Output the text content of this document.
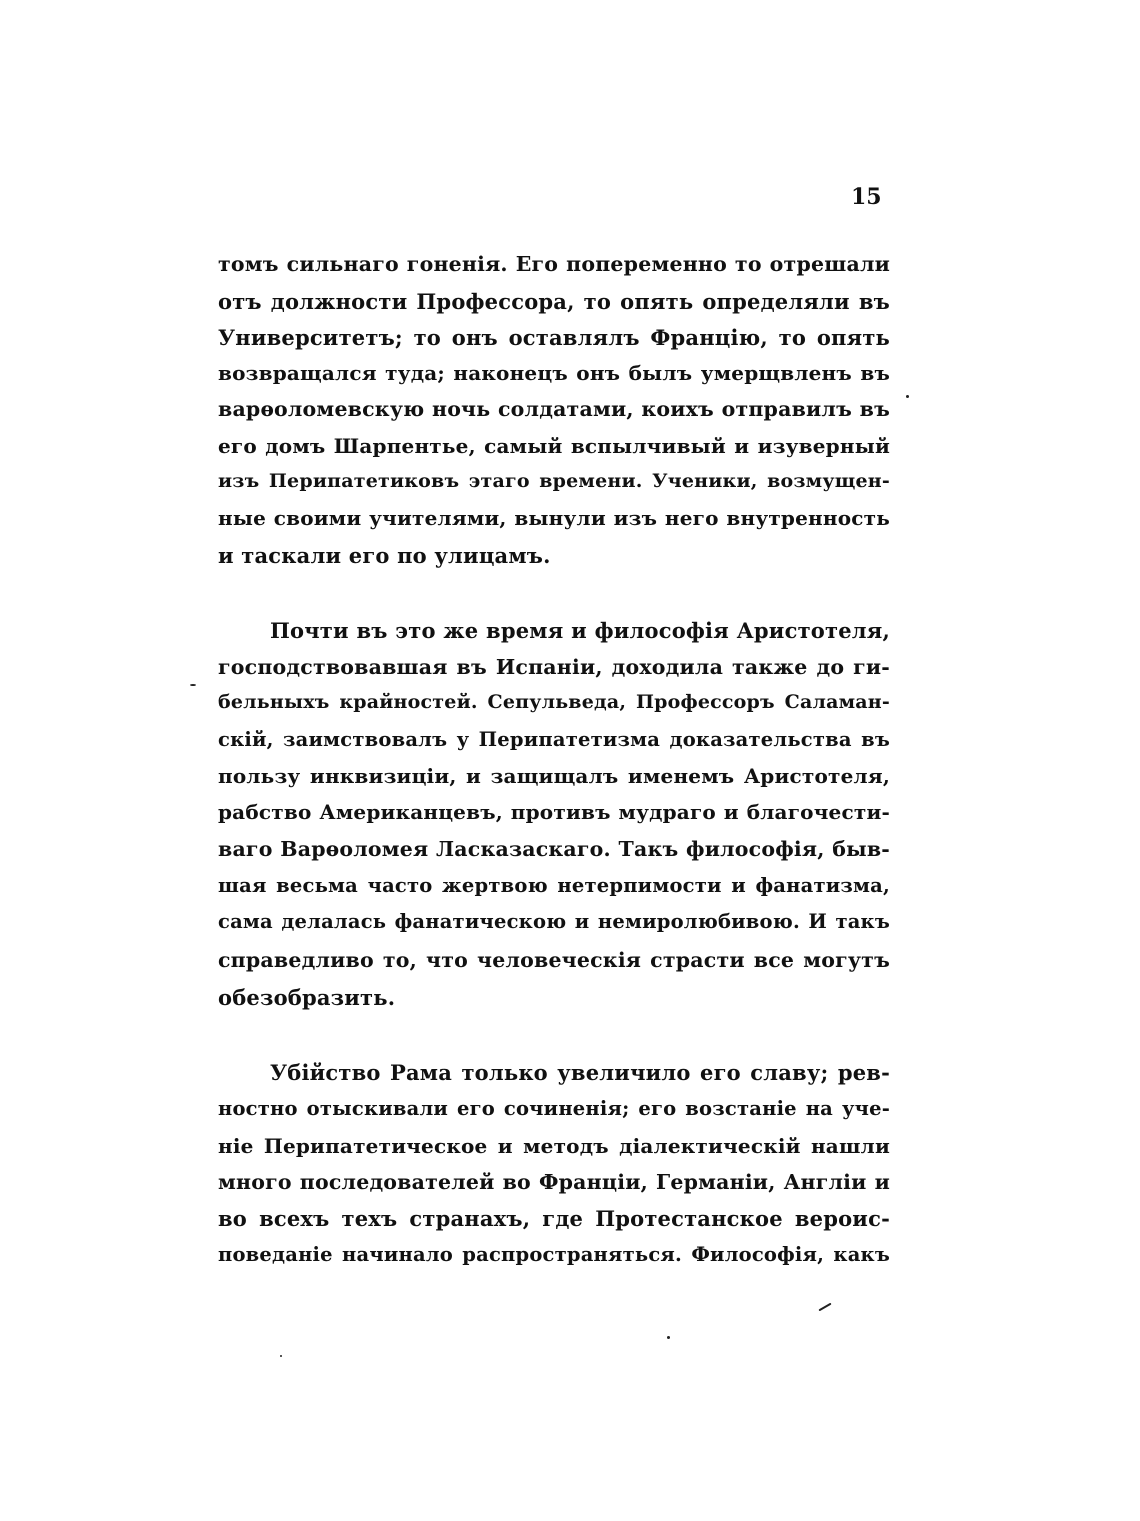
15
томъ сильнаго гоненія. Его попеременно то отрешали
отъ должности Профессора, то опять определяли въ
Университетъ; то онъ оставлялъ Францію, то опять
возвращался туда; наконецъ онъ былъ умерщвленъ въ
варѳоломевскую ночь солдатами, коихъ отправилъ въ
его домъ Шарпентье, самый вспылчивый и изуверный
изъ Перипатетиковъ этаго времени. Ученики, возмущен-
ные своими учителями, вынули изъ него внутренность
и таскали его по улицамъ.
Почти въ это же время и философія Аристотеля,
господствовавшая въ Испаніи, доходила также до ги-
бельныхъ крайностей. Сепульведа, Профессоръ Саламан-
скій, заимствовалъ у Перипатетизма доказательства въ
пользу инквизиціи, и защищалъ именемъ Аристотеля,
рабство Американцевъ, противъ мудраго и благочести-
ваго Варѳоломея Ласказаскаго. Такъ философія, быв-
шая весьма часто жертвою нетерпимости и фанатизма,
сама делалась фанатическою и немиролюбивою. И такъ
справедливо то, что человеческія страсти все могутъ
обезобразить.
Убійство Рама только увеличило его славу; рев-
ностно отыскивали его сочиненія; его возстаніе на уче-
ніе Перипатетическое и методъ діалектическій нашли
много последователей во Франціи, Германіи, Англіи и
во всехъ техъ странахъ, где Протестанское вероис-
поведаніе начинало распространяться. Философія, какъ
